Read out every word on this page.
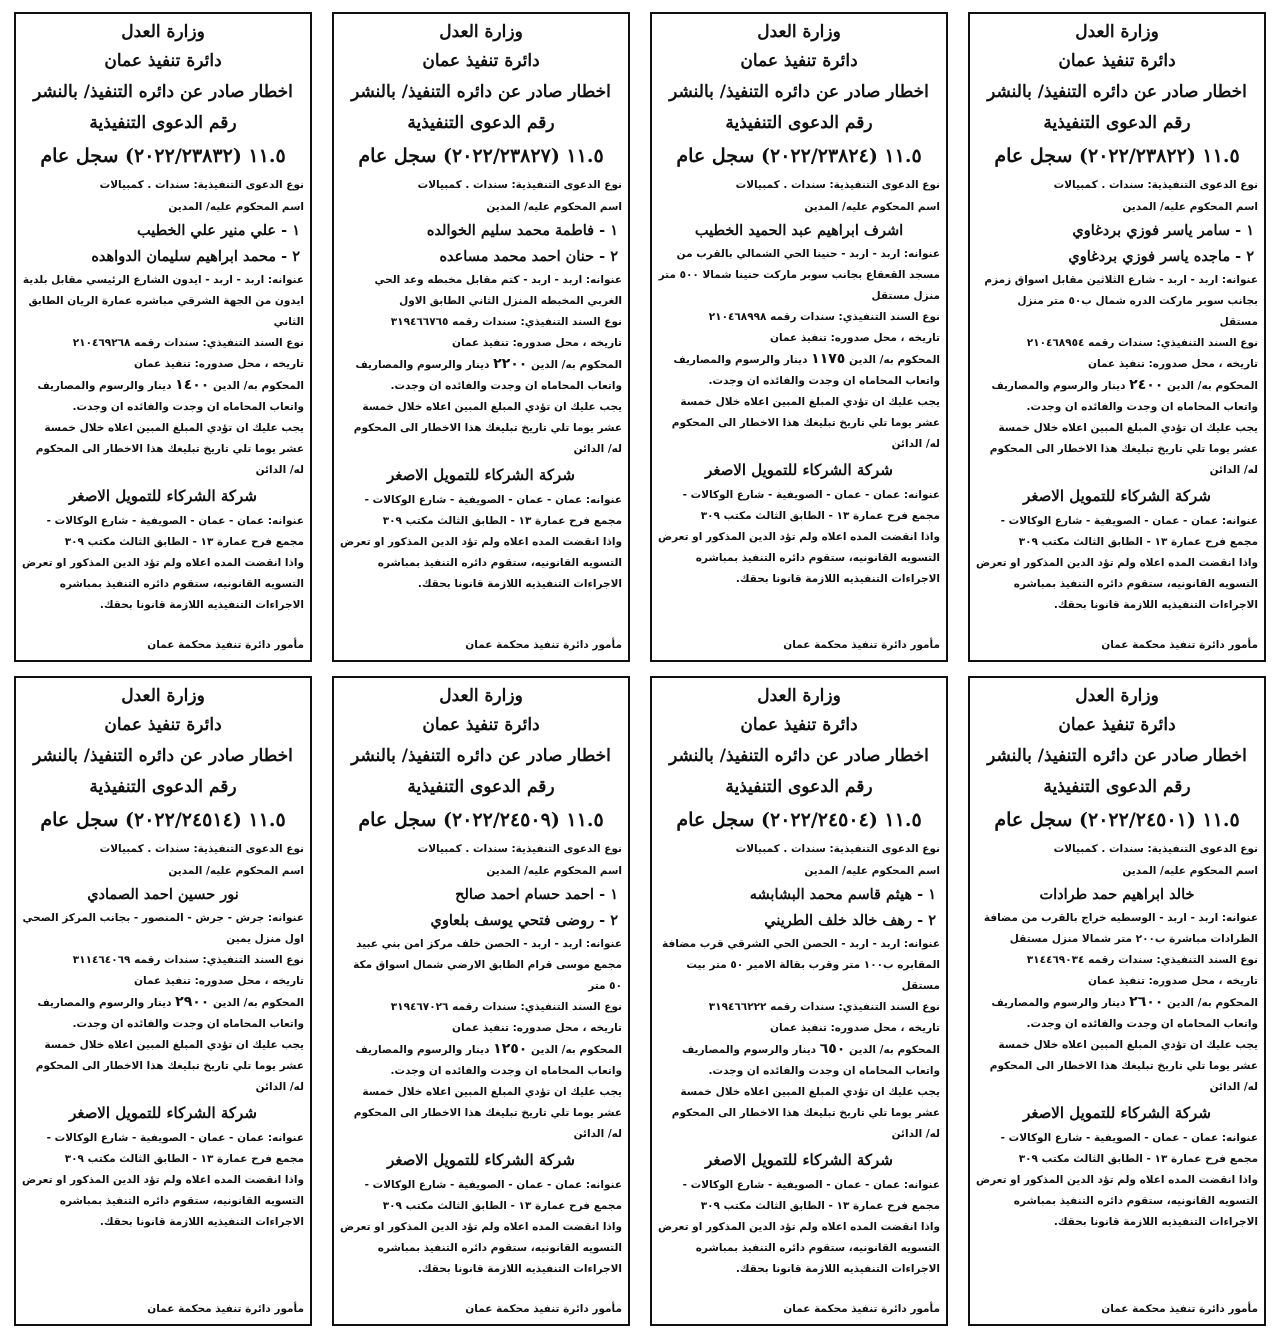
وزارة العدل
دائرة تنفيذ عمان
اخطار صادر عن دائره التنفيذ/ بالنشر
رقم الدعوى التنفيذية
١١.٥ (٢٠٢٢/٢٣٨٢٢) سجل عام
نوع الدعوى التنفيذية: سندات . كمبيالات
اسم المحكوم عليه/ المدين
١ - سامر ياسر فوزي بردغاوي
٢ - ماجده ياسر فوزي بردغاوي
عنوانه: اربد - اربد - شارع الثلاثين مقابل اسواق زمزم بجانب سوبر ماركت الدره شمال ب٥٠ متر منزل مستقل
نوع السند التنفيذي: سندات رقمه ٢١٠٤٦٨٩٥٤
تاريخه ، محل صدوره: تنفيذ عمان
المحكوم به/ الدين ٢٤٠٠ دينار والرسوم والمصاريف واتعاب المحاماه ان وجدت والفائده ان وجدت.
يجب عليك ان تؤدي المبلغ المبين اعلاه خلال خمسة عشر يوما تلي تاريخ تبليغك هذا الاخطار الى المحكوم له/ الدائن
شركة الشركاء للتمويل الاصغر
عنوانه: عمان - عمان - الصويفية - شارع الوكالات - مجمع فرح عمارة ١٣ - الطابق الثالث مكتب ٣٠٩
واذا انقضت المده اعلاه ولم تؤد الدين المذكور او تعرض التسويه القانونيه، ستقوم دائره التنفيذ بمباشره الاجراءات التنفيذيه اللازمة قانونا بحقك.
مأمور دائرة تنفيذ محكمة عمان
وزارة العدل
دائرة تنفيذ عمان
اخطار صادر عن دائره التنفيذ/ بالنشر
رقم الدعوى التنفيذية
١١.٥ (٢٠٢٢/٢٣٨٢٤) سجل عام
نوع الدعوى التنفيذية: سندات . كمبيالات
اسم المحكوم عليه/ المدين
اشرف ابراهيم عبد الحميد الخطيب
عنوانه: اربد - اربد - حنينا الحي الشمالي بالقرب من مسجد القعقاع بجانب سوبر ماركت حنينا شمالا ٥٠٠ متر منزل مستقل
نوع السند التنفيذي: سندات رقمه ٢١٠٤٦٨٩٩٨
تاريخه ، محل صدوره: تنفيذ عمان
المحكوم به/ الدين ١١٧٥ دينار والرسوم والمصاريف واتعاب المحاماه ان وجدت والفائده ان وجدت.
يجب عليك ان تؤدي المبلغ المبين اعلاه خلال خمسة عشر يوما تلي تاريخ تبليغك هذا الاخطار الى المحكوم له/ الدائن
شركة الشركاء للتمويل الاصغر
عنوانه: عمان - عمان - الصويفية - شارع الوكالات - مجمع فرح عمارة ١٣ - الطابق الثالث مكتب ٣٠٩
واذا انقضت المده اعلاه ولم تؤد الدين المذكور او تعرض التسويه القانونيه، ستقوم دائره التنفيذ بمباشره الاجراءات التنفيذيه اللازمة قانونا بحقك.
مأمور دائرة تنفيذ محكمة عمان
وزارة العدل
دائرة تنفيذ عمان
اخطار صادر عن دائره التنفيذ/ بالنشر
رقم الدعوى التنفيذية
١١.٥ (٢٠٢٢/٢٣٨٢٧) سجل عام
نوع الدعوى التنفيذية: سندات . كمبيالات
اسم المحكوم عليه/ المدين
١ - فاطمة محمد سليم الخوالده
٢ - حنان احمد محمد مساعده
عنوانه: اربد - اربد - كتم مقابل مخبطه وعد الحي الغربي المخبطه المنزل الثاني الطابق الاول
نوع السند التنفيذي: سندات رقمه ٣١٩٤٦٦٧٦٥
تاريخه ، محل صدوره: تنفيذ عمان
المحكوم به/ الدين ٢٢٠٠ دينار والرسوم والمصاريف واتعاب المحاماه ان وجدت والفائده ان وجدت.
يجب عليك ان تؤدي المبلغ المبين اعلاه خلال خمسة عشر يوما تلي تاريخ تبليغك هذا الاخطار الى المحكوم له/ الدائن
شركة الشركاء للتمويل الاصغر
عنوانه: عمان - عمان - الصويفية - شارع الوكالات - مجمع فرح عمارة ١٣ - الطابق الثالث مكتب ٣٠٩
واذا انقضت المده اعلاه ولم تؤد الدين المذكور او تعرض التسويه القانونيه، ستقوم دائره التنفيذ بمباشره الاجراءات التنفيذيه اللازمة قانونا بحقك.
مأمور دائرة تنفيذ محكمة عمان
وزارة العدل
دائرة تنفيذ عمان
اخطار صادر عن دائره التنفيذ/ بالنشر
رقم الدعوى التنفيذية
١١.٥ (٢٠٢٢/٢٣٨٣٢) سجل عام
نوع الدعوى التنفيذية: سندات . كمبيالات
اسم المحكوم عليه/ المدين
١ - علي منير علي الخطيب
٢ - محمد ابراهيم سليمان الدواهده
عنوانه: اربد - اربد - ايدون الشارع الرئيسي مقابل بلدية ايدون من الجهة الشرقي مباشره عمارة الريان الطابق الثاني
نوع السند التنفيذي: سندات رقمه ٢١٠٤٦٩٢٦٨
تاريخه ، محل صدوره: تنفيذ عمان
المحكوم به/ الدين ١٤٠٠ دينار والرسوم والمصاريف واتعاب المحاماه ان وجدت والفائده ان وجدت.
يجب عليك ان تؤدي المبلغ المبين اعلاه خلال خمسة عشر يوما تلي تاريخ تبليغك هذا الاخطار الى المحكوم له/ الدائن
شركة الشركاء للتمويل الاصغر
عنوانه: عمان - عمان - الصويفية - شارع الوكالات - مجمع فرح عمارة ١٣ - الطابق الثالث مكتب ٣٠٩
واذا انقضت المده اعلاه ولم تؤد الدين المذكور او تعرض التسويه القانونيه، ستقوم دائره التنفيذ بمباشره الاجراءات التنفيذيه اللازمة قانونا بحقك.
مأمور دائرة تنفيذ محكمة عمان
وزارة العدل
دائرة تنفيذ عمان
اخطار صادر عن دائره التنفيذ/ بالنشر
رقم الدعوى التنفيذية
١١.٥ (٢٠٢٢/٢٤٥٠١) سجل عام
نوع الدعوى التنفيذية: سندات . كمبيالات
اسم المحكوم عليه/ المدين
خالد ابراهيم حمد طرادات
عنوانه: اربد - اربد - الوسطيه خراج بالقرب من مضافة الطرادات مباشرة ب٢٠٠ متر شمالا منزل مستقل
نوع السند التنفيذي: سندات رقمه ٣١٤٤٦٩٠٣٤
تاريخه ، محل صدوره: تنفيذ عمان
المحكوم به/ الدين ٢٦٠٠ دينار والرسوم والمصاريف واتعاب المحاماه ان وجدت والفائده ان وجدت.
يجب عليك ان تؤدي المبلغ المبين اعلاه خلال خمسة عشر يوما تلي تاريخ تبليغك هذا الاخطار الى المحكوم له/ الدائن
شركة الشركاء للتمويل الاصغر
عنوانه: عمان - عمان - الصويفية - شارع الوكالات - مجمع فرح عمارة ١٣ - الطابق الثالث مكتب ٣٠٩
واذا انقضت المده اعلاه ولم تؤد الدين المذكور او تعرض التسويه القانونيه، ستقوم دائره التنفيذ بمباشره الاجراءات التنفيذيه اللازمة قانونا بحقك.
مأمور دائرة تنفيذ محكمة عمان
وزارة العدل
دائرة تنفيذ عمان
اخطار صادر عن دائره التنفيذ/ بالنشر
رقم الدعوى التنفيذية
١١.٥ (٢٠٢٢/٢٤٥٠٤) سجل عام
نوع الدعوى التنفيذية: سندات . كمبيالات
اسم المحكوم عليه/ المدين
١ - هيثم قاسم محمد البشابشه
٢ - رهف خالد خلف الطريني
عنوانه: اربد - اربد - الحصن الحي الشرقي قرب مضافة المقابره ب١٠٠ متر وقرب بقالة الامير ٥٠ متر بيت مستقل
نوع السند التنفيذي: سندات رقمه ٣١٩٤٦٦٢٢٢
تاريخه ، محل صدوره: تنفيذ عمان
المحكوم به/ الدين ٦٥٠ دينار والرسوم والمصاريف واتعاب المحاماه ان وجدت والفائده ان وجدت.
يجب عليك ان تؤدي المبلغ المبين اعلاه خلال خمسة عشر يوما تلي تاريخ تبليغك هذا الاخطار الى المحكوم له/ الدائن
شركة الشركاء للتمويل الاصغر
عنوانه: عمان - عمان - الصويفية - شارع الوكالات - مجمع فرح عمارة ١٣ - الطابق الثالث مكتب ٣٠٩
واذا انقضت المده اعلاه ولم تؤد الدين المذكور او تعرض التسويه القانونيه، ستقوم دائره التنفيذ بمباشره الاجراءات التنفيذيه اللازمة قانونا بحقك.
مأمور دائرة تنفيذ محكمة عمان
وزارة العدل
دائرة تنفيذ عمان
اخطار صادر عن دائره التنفيذ/ بالنشر
رقم الدعوى التنفيذية
١١.٥ (٢٠٢٢/٢٤٥٠٩) سجل عام
نوع الدعوى التنفيذية: سندات . كمبيالات
اسم المحكوم عليه/ المدين
١ - احمد حسام احمد صالح
٢ - روضى فتحي يوسف بلعاوي
عنوانه: اربد - اربد - الحصن خلف مركز امن بني عبيد مجمع موسى قرام الطابق الارضي شمال اسواق مكة ٥٠ متر
نوع السند التنفيذي: سندات رقمه ٣١٩٤٦٧٠٢٦
تاريخه ، محل صدوره: تنفيذ عمان
المحكوم به/ الدين ١٢٥٠ دينار والرسوم والمصاريف واتعاب المحاماه ان وجدت والفائده ان وجدت.
يجب عليك ان تؤدي المبلغ المبين اعلاه خلال خمسة عشر يوما تلي تاريخ تبليغك هذا الاخطار الى المحكوم له/ الدائن
شركة الشركاء للتمويل الاصغر
عنوانه: عمان - عمان - الصويفية - شارع الوكالات - مجمع فرح عمارة ١٣ - الطابق الثالث مكتب ٣٠٩
واذا انقضت المده اعلاه ولم تؤد الدين المذكور او تعرض التسويه القانونيه، ستقوم دائره التنفيذ بمباشره الاجراءات التنفيذيه اللازمة قانونا بحقك.
مأمور دائرة تنفيذ محكمة عمان
وزارة العدل
دائرة تنفيذ عمان
اخطار صادر عن دائره التنفيذ/ بالنشر
رقم الدعوى التنفيذية
١١.٥ (٢٠٢٢/٢٤٥١٤) سجل عام
نوع الدعوى التنفيذية: سندات . كمبيالات
اسم المحكوم عليه/ المدين
نور حسين احمد الصمادي
عنوانه: جرش - جرش - المنصور - بجانب المركز الصحي اول منزل يمين
نوع السند التنفيذي: سندات رقمه ٣١١٤٦٤٠٦٩
تاريخه ، محل صدوره: تنفيذ عمان
المحكوم به/ الدين ٢٩٠٠ دينار والرسوم والمصاريف واتعاب المحاماه ان وجدت والفائده ان وجدت.
يجب عليك ان تؤدي المبلغ المبين اعلاه خلال خمسة عشر يوما تلي تاريخ تبليغك هذا الاخطار الى المحكوم له/ الدائن
شركة الشركاء للتمويل الاصغر
عنوانه: عمان - عمان - الصويفية - شارع الوكالات - مجمع فرح عمارة ١٣ - الطابق الثالث مكتب ٣٠٩
واذا انقضت المده اعلاه ولم تؤد الدين المذكور او تعرض التسويه القانونيه، ستقوم دائره التنفيذ بمباشره الاجراءات التنفيذيه اللازمة قانونا بحقك.
مأمور دائرة تنفيذ محكمة عمان
